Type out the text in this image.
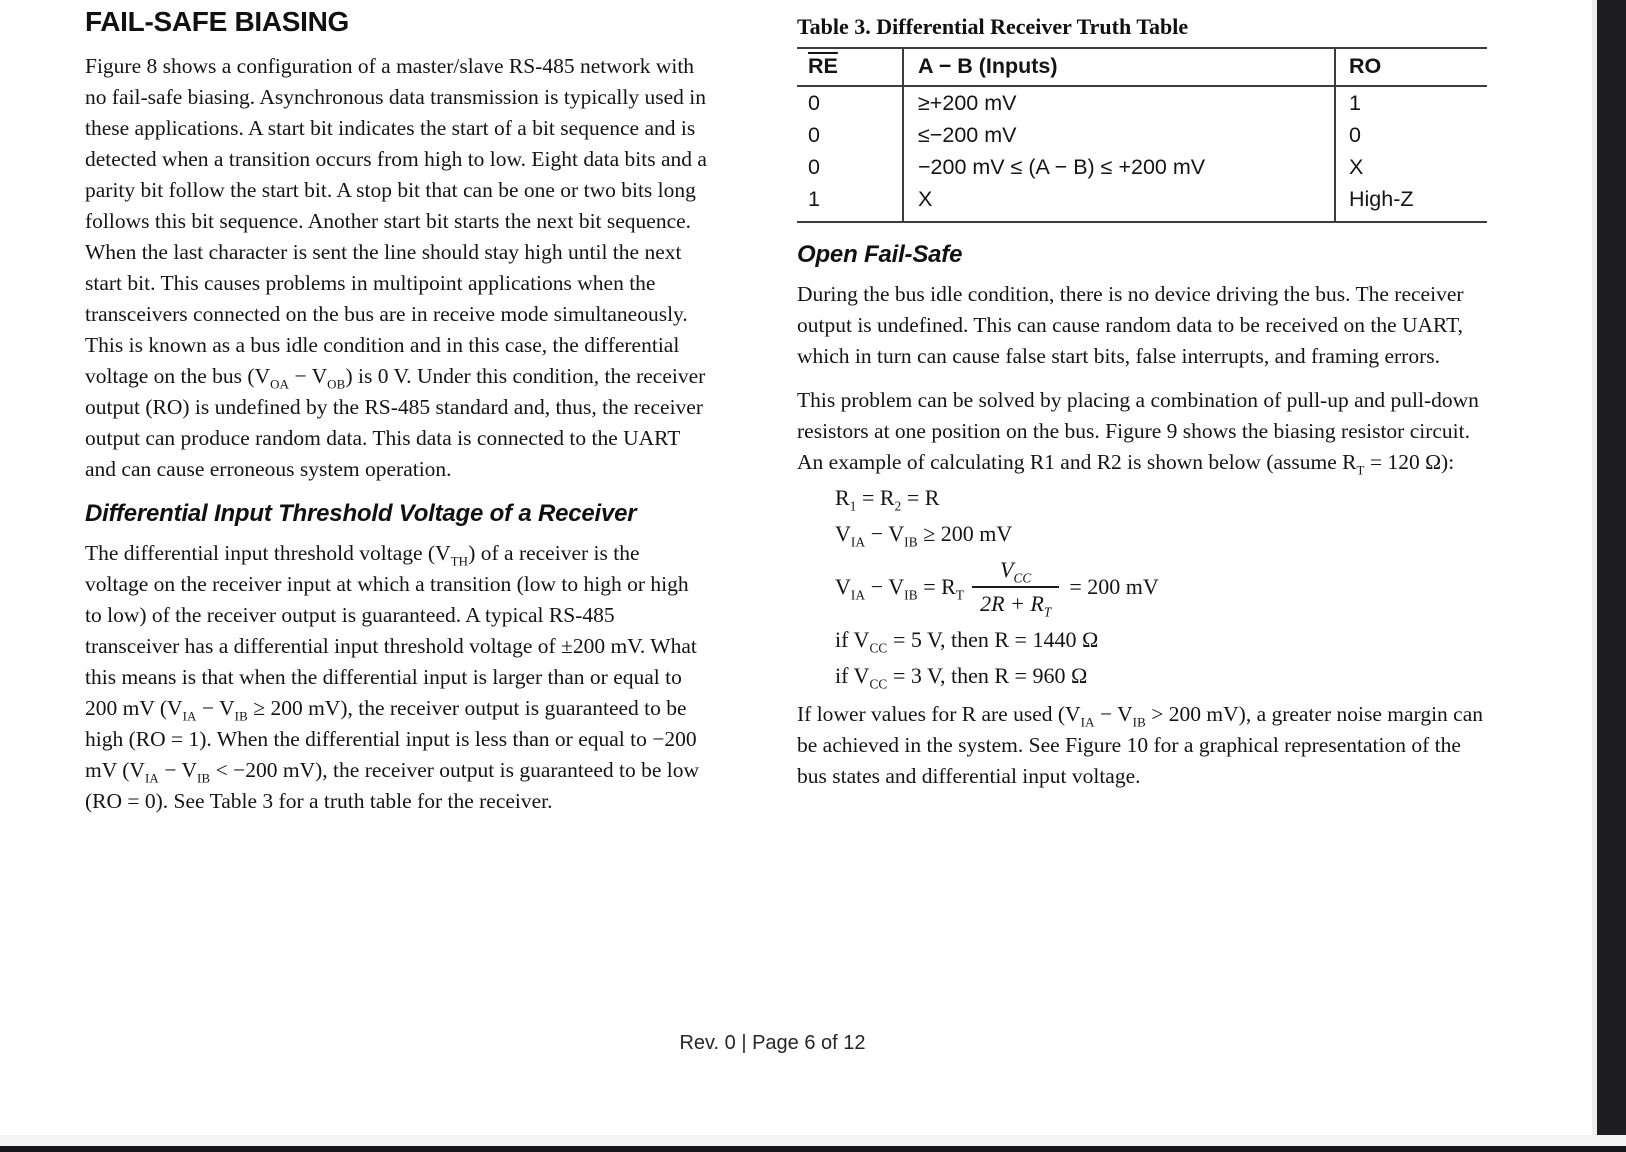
FAIL-SAFE BIASING

Figure 8 shows a configuration of a master/slave RS-485 network with no fail-safe biasing. Asynchronous data transmission is typically used in these applications. A start bit indicates the start of a bit sequence and is detected when a transition occurs from high to low. Eight data bits and a parity bit follow the start bit. A stop bit that can be one or two bits long follows this bit sequence. Another start bit starts the next bit sequence. When the last character is sent the line should stay high until the next start bit. This causes problems in multipoint applications when the transceivers connected on the bus are in receive mode simultaneously. This is known as a bus idle condition and in this case, the differential voltage on the bus $(V_{OA} - V_{OB})$ is 0 V. Under this condition, the receiver output (RO) is undefined by the RS-485 standard and, thus, the receiver output can produce random data. This data is connected to the UART and can cause erroneous system operation.

Differential Input Threshold Voltage of a Receiver

The differential input threshold voltage $(V_{TH})$ of a receiver is the voltage on the receiver input at which a transition (low to high or high to low) of the receiver output is guaranteed. A typical RS-485 transceiver has a differential input threshold voltage of ±200 mV. What this means is that when the differential input is larger than or equal to 200 mV ($V_{IA} - V_{IB} \ge 200$ mV), the receiver output is guaranteed to be high (RO = 1). When the differential input is less than or equal to −200 mV ($V_{IA} - V_{IB} < -200$ mV), the receiver output is guaranteed to be low (RO = 0). See Table 3 for a truth table for the receiver.

Table 3. Differential Receiver Truth Table
$\overline{RE}$	A − B (Inputs)	RO
0	≥+200 mV	1
0	≤−200 mV	0
0	−200 mV ≤ (A − B) ≤ +200 mV	X
1	X	High-Z
Open Fail-Safe

During the bus idle condition, there is no device driving the bus. The receiver output is undefined. This can cause random data to be received on the UART, which in turn can cause false start bits, false interrupts, and framing errors.

This problem can be solved by placing a combination of pull-up and pull-down resistors at one position on the bus. Figure 9 shows the biasing resistor circuit. An example of calculating R1 and R2 is shown below (assume $R_T = 120$ Ω):

$R_1 = R_2 = R$
$V_{IA} - V_{IB} \ge 200$ mV
$V_{IA} - V_{IB} = R_T \frac{V_{CC}}{2R + R_T} = 200$ mV
if $V_{CC} = 5$ V, then R = 1440 Ω
if $V_{CC} = 3$ V, then R = 960 Ω

If lower values for R are used ($V_{IA} - V_{IB} > 200$ mV), a greater noise margin can be achieved in the system. See Figure 10 for a graphical representation of the bus states and differential input voltage.

Rev. 0 | Page 6 of 12
